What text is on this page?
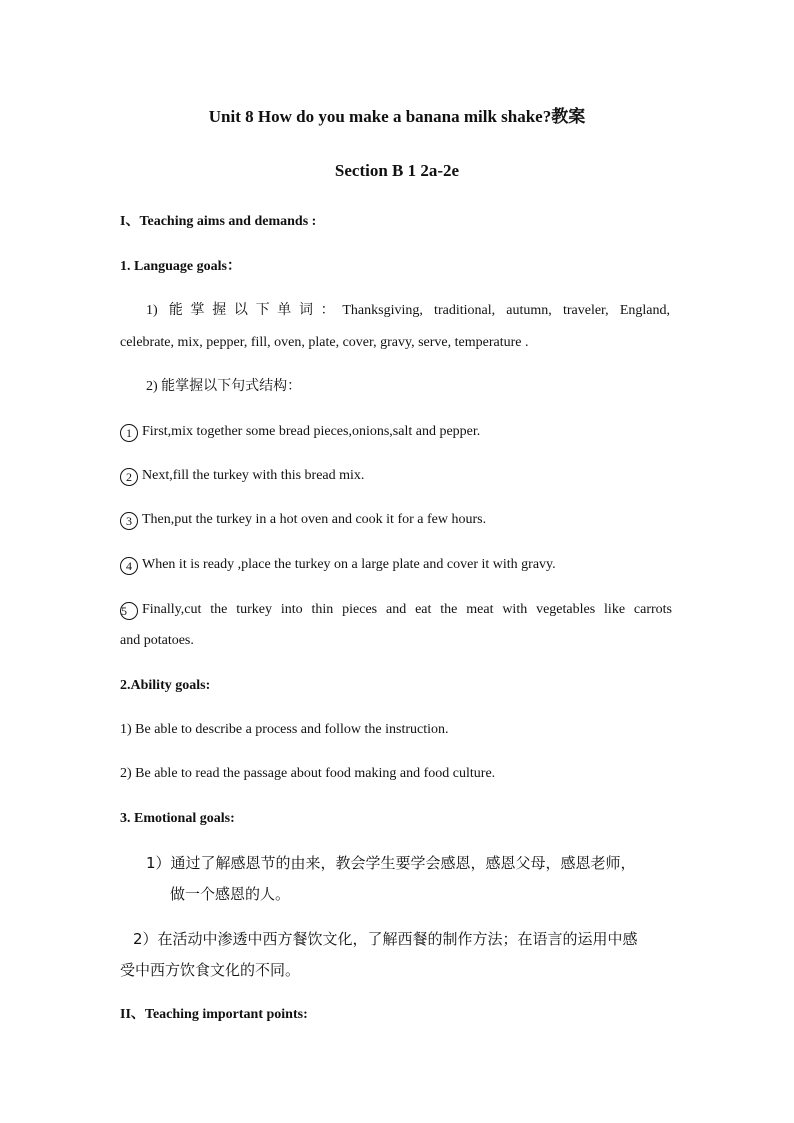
Unit 8 How do you make a banana milk shake?教案
Section B 1 2a-2e
I、Teaching aims and demands :
1. Language goals：
1) 能掌握以下单词：Thanksgiving, traditional, autumn, traveler, England,
celebrate, mix, pepper, fill, oven, plate, cover, gravy, serve, temperature .
2) 能掌握以下句式结构：
1 First,mix together some bread pieces,onions,salt and pepper.
2 Next,fill the turkey with this bread mix.
3 Then,put the turkey in a hot oven and cook it for a few hours.
4 When it is ready ,place the turkey on a large plate and cover it with gravy.
5 Finally,cut the turkey into thin pieces and eat the meat with vegetables like carrots
and potatoes.
2.Ability goals:
1) Be able to describe a process and follow the instruction.
2) Be able to read the passage about food making and food culture.
3. Emotional goals:
1）通过了解感恩节的由来，教会学生要学会感恩，感恩父母，感恩老师，
做一个感恩的人。
2）在活动中渗透中西方餐饮文化，了解西餐的制作方法；在语言的运用中感
受中西方饮食文化的不同。
II、Teaching important points:
